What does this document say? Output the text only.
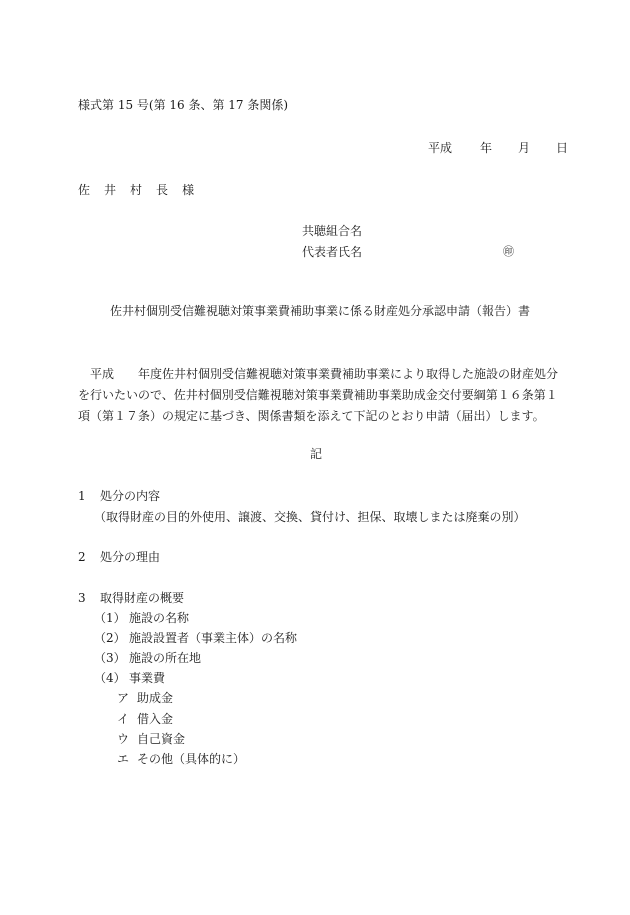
様式第 15 号(第 16 条、第 17 条関係)
平成 年 月 日
佐 井 村 長 様
共聴組合名
代表者氏名	㊞
佐井村個別受信難視聴対策事業費補助事業に係る財産処分承認申請（報告）書

　平成　　年度佐井村個別受信難視聴対策事業費補助事業により取得した施設の財産処分

を行いたいので、佐井村個別受信難視聴対策事業費補助事業助成金交付要綱第１６条第１

項（第１７条）の規定に基づき、関係書類を添えて下記のとおり申請（届出）します。

記
1 処分の内容
（取得財産の目的外使用、譲渡、交換、貸付け、担保、取壊しまたは廃棄の別）
2 処分の理由
3 取得財産の概要
（1） 施設の名称
（2） 施設設置者（事業主体）の名称
（3） 施設の所在地
（4） 事業費
ア 助成金
イ 借入金
ウ 自己資金
エ その他（具体的に）
